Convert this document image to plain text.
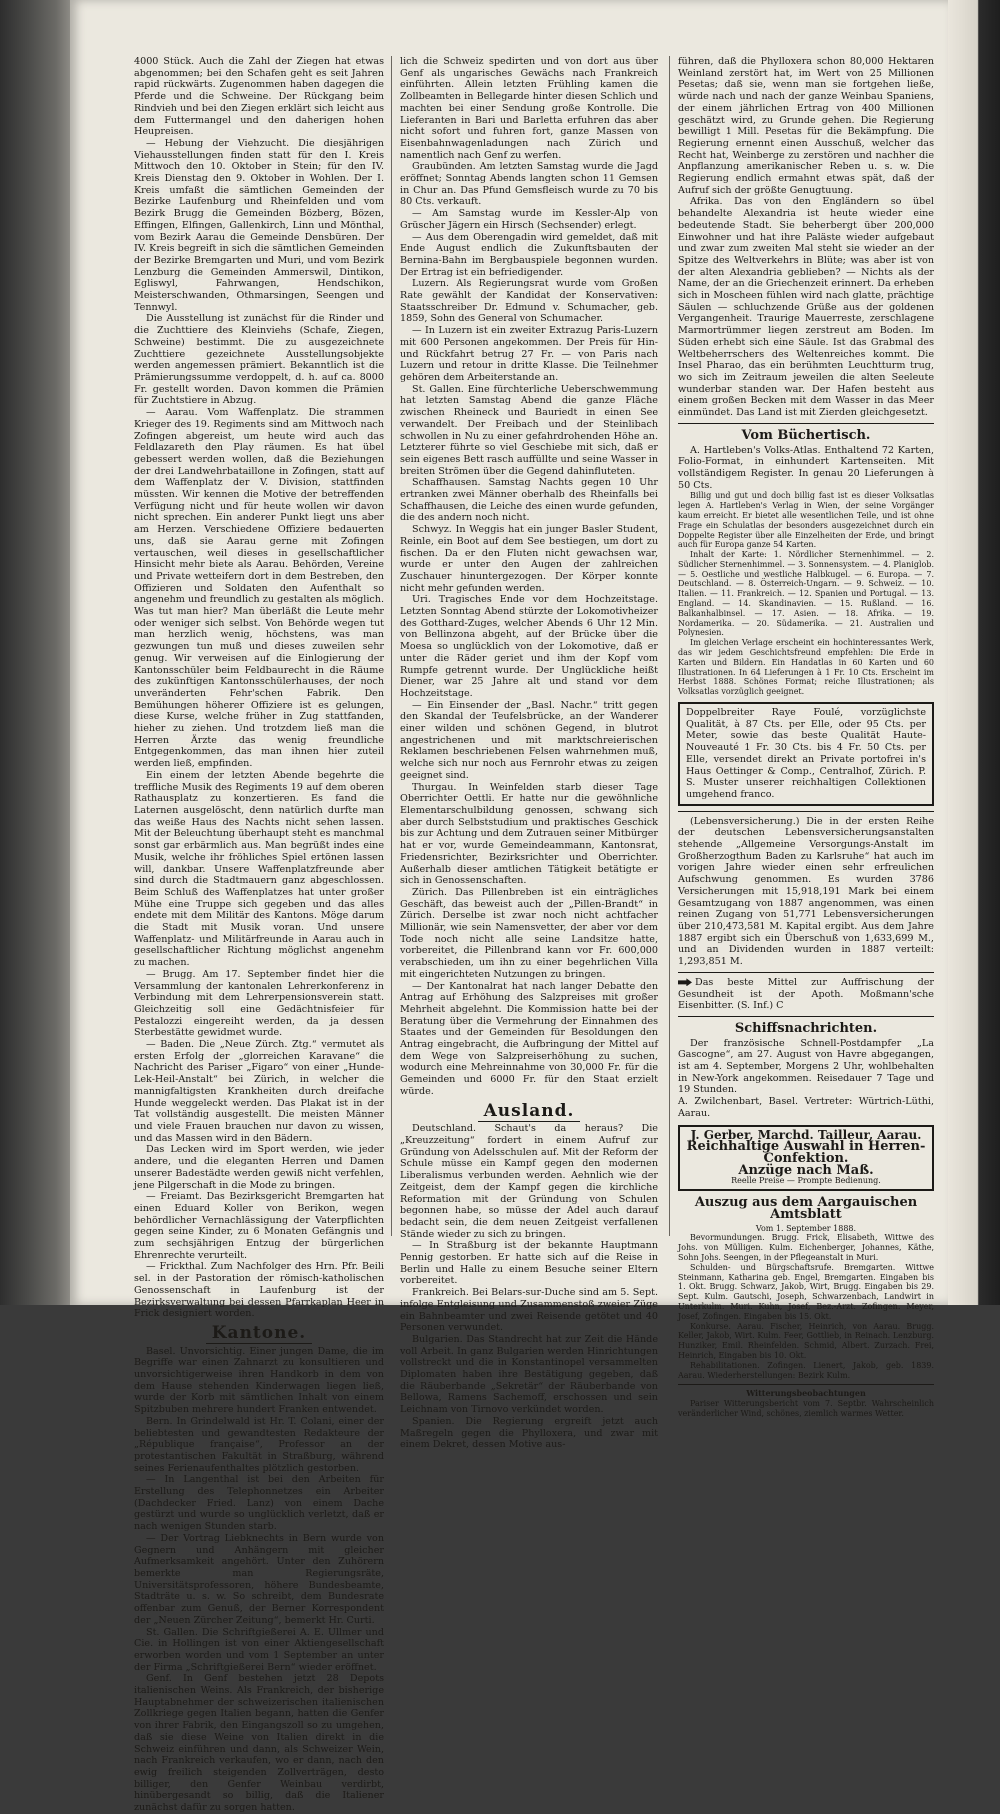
4000 Stück. Auch die Zahl der Ziegen hat etwas abgenommen; bei den Schafen geht es seit Jahren rapid rückwärts. Zugenommen haben dagegen die Pferde und die Schweine. Der Rückgang beim Rindvieh und bei den Ziegen erklärt sich leicht aus dem Futtermangel und den daherigen hohen Heupreisen.

— Hebung der Viehzucht. Die diesjährigen Viehausstellungen finden statt für den I. Kreis Mittwoch den 10. Oktober in Stein; für den IV. Kreis Dienstag den 9. Oktober in Wohlen. Der I. Kreis umfaßt die sämtlichen Gemeinden der Bezirke Laufenburg und Rheinfelden und vom Bezirk Brugg die Gemeinden Bözberg, Bözen, Effingen, Elfingen, Gallenkirch, Linn und Mönthal, vom Bezirk Aarau die Gemeinde Densbüren. Der IV. Kreis begreift in sich die sämtlichen Gemeinden der Bezirke Bremgarten und Muri, und vom Bezirk Lenzburg die Gemeinden Ammerswil, Dintikon, Egliswyl, Fahrwangen, Hendschikon, Meisterschwanden, Othmarsingen, Seengen und Tennwyl.

Die Ausstellung ist zunächst für die Rinder und die Zuchttiere des Kleinviehs (Schafe, Ziegen, Schweine) bestimmt. Die zu ausgezeichnete Zuchttiere gezeichnete Ausstellungsobjekte werden angemessen prämiert. Bekanntlich ist die Prämierungssumme verdoppelt, d. h. auf ca. 8000 Fr. gestellt worden. Davon kommen die Prämien für Zuchtstiere in Abzug.

— Aarau. Vom Waffenplatz. Die strammen Krieger des 19. Regiments sind am Mittwoch nach Zofingen abgereist, um heute wird auch das Feldlazareth den Play räumen. Es hat übel gebessert werden wollen, daß die Beziehungen der drei Landwehrbataillone in Zofingen, statt auf dem Waffenplatz der V. Division, stattfinden müssten. Wir kennen die Motive der betreffenden Verfügung nicht und für heute wollen wir davon nicht sprechen. Ein anderer Punkt liegt uns aber am Herzen. Verschiedene Offiziere bedauerten uns, daß sie Aarau gerne mit Zofingen vertauschen, weil dieses in gesellschaftlicher Hinsicht mehr biete als Aarau. Behörden, Vereine und Private wetteifern dort in dem Bestreben, den Offizieren und Soldaten den Aufenthalt so angenehm und freundlich zu gestalten als möglich. Was tut man hier? Man überläßt die Leute mehr oder weniger sich selbst. Von Behörde wegen tut man herzlich wenig, höchstens, was man gezwungen tun muß und dieses zuweilen sehr genug. Wir verweisen auf die Einlogierung der Kantonsschüler beim Feldbaurecht in die Räume des zukünftigen Kantonsschülerhauses, der noch unveränderten Fehr'schen Fabrik. Den Bemühungen höherer Offiziere ist es gelungen, diese Kurse, welche früher in Zug stattfanden, hieher zu ziehen. Und trotzdem ließ man die Herren Ärzte das wenig freundliche Entgegenkommen, das man ihnen hier zuteil werden ließ, empfinden.

Ein einem der letzten Abende begehrte die treffliche Musik des Regiments 19 auf dem oberen Rathausplatz zu konzertieren. Es fand die Laternen ausgelöscht, denn natürlich durfte man das weiße Haus des Nachts nicht sehen lassen. Mit der Beleuchtung überhaupt steht es manchmal sonst gar erbärmlich aus. Man begrüßt indes eine Musik, welche ihr fröhliches Spiel ertönen lassen will, dankbar. Unsere Waffenplatzfreunde aber sind durch die Stadtmauern ganz abgeschlossen. Beim Schluß des Waffenplatzes hat unter großer Mühe eine Truppe sich gegeben und das alles endete mit dem Militär des Kantons. Möge darum die Stadt mit Musik voran. Und unsere Waffenplatz- und Militärfreunde in Aarau auch in gesellschaftlicher Richtung möglichst angenehm zu machen.

— Brugg. Am 17. September findet hier die Versammlung der kantonalen Lehrerkonferenz in Verbindung mit dem Lehrerpensionsverein statt. Gleichzeitig soll eine Gedächtnisfeier für Pestalozzi eingereiht werden, da ja dessen Sterbestätte gewidmet wurde.

— Baden. Die „Neue Zürch. Ztg.“ vermutet als ersten Erfolg der „glorreichen Karavane“ die Nachricht des Pariser „Figaro“ von einer „Hunde-Lek-Heil-Anstalt“ bei Zürich, in welcher die mannigfaltigsten Krankheiten durch dreifache Hunde weggeleckt werden. Das Plakat ist in der Tat vollständig ausgestellt. Die meisten Männer und viele Frauen brauchen nur davon zu wissen, und das Massen wird in den Bädern.

Das Lecken wird im Sport werden, wie jeder andere, und die eleganten Herren und Damen unserer Badestädte werden gewiß nicht verfehlen, jene Pilgerschaft in die Mode zu bringen.

— Freiamt. Das Bezirksgericht Bremgarten hat einen Eduard Koller von Berikon, wegen behördlicher Vernachlässigung der Vaterpflichten gegen seine Kinder, zu 6 Monaten Gefängnis und zum sechsjährigen Entzug der bürgerlichen Ehrenrechte verurteilt.

— Frickthal. Zum Nachfolger des Hrn. Pfr. Beili sel. in der Pastoration der römisch-katholischen Genossenschaft in Laufenburg ist der Bezirksverwaltung bei dessen Pfarrkaplan Heer in Frick designiert worden.

Kantone.

Basel. Unvorsichtig. Einer jungen Dame, die im Begriffe war einen Zahnarzt zu konsultieren und unvorsichtigerweise ihren Handkorb in dem von dem Hause stehenden Kinderwagen liegen ließ, wurde der Korb mit sämtlichen Inhalt von einem Spitzbuben mehrere hundert Franken entwendet.

Bern. In Grindelwald ist Hr. T. Colani, einer der beliebtesten und gewandtesten Redakteure der „République française“, Professor an der protestantischen Fakultät in Straßburg, während seines Ferienaufenthaltes plötzlich gestorben.

— In Langenthal ist bei den Arbeiten für Erstellung des Telephonnetzes ein Arbeiter (Dachdecker Fried. Lanz) von einem Dache gestürzt und wurde so unglücklich verletzt, daß er nach wenigen Stunden starb.

— Der Vortrag Liebknechts in Bern wurde von Gegnern und Anhängern mit gleicher Aufmerksamkeit angehört. Unter den Zuhörern bemerkte man Regierungsräte, Universitätsprofessoren, höhere Bundesbeamte, Stadträte u. s. w. So schreibt, dem Bundesrate offenbar zum Genuß, der Berner Korrespondent der „Neuen Zürcher Zeitung“, bemerkt Hr. Curti.

St. Gallen. Die Schriftgießerei A. E. Ullmer und Cie. in Hollingen ist von einer Aktiengesellschaft erworben worden und vom 1 September an unter der Firma „Schriftgießerei Bern“ wieder eröffnet.

Genf. In Genf bestehen jetzt 28 Depots italienischen Weins. Als Frankreich, der bisherige Hauptabnehmer der schweizerischen italienischen Zollkriege gegen Italien begann, hatten die Genfer von ihrer Fabrik, den Eingangszoll so zu umgehen, daß sie diese Weine von Italien direkt in die Schweiz einführen und dann, als Schweizer Wein, nach Frankreich verkaufen, wo er dann, nach den ewig freilich steigenden Zollverträgen, desto billiger, den Genfer Weinbau verdirbt, hinübergesandt so billig, daß die Italiener zunächst dafür zu sorgen hatten.

lich die Schweiz spedirten und von dort aus über Genf als ungarisches Gewächs nach Frankreich einführten. Allein letzten Frühling kamen die Zollbeamten in Bellegarde hinter diesen Schlich und machten bei einer Sendung große Kontrolle. Die Lieferanten in Bari und Barletta erfuhren das aber nicht sofort und fuhren fort, ganze Massen von Eisenbahnwagenladungen nach Zürich und namentlich nach Genf zu werfen.

Graubünden. Am letzten Samstag wurde die Jagd eröffnet; Sonntag Abends langten schon 11 Gemsen in Chur an. Das Pfund Gemsfleisch wurde zu 70 bis 80 Cts. verkauft.

— Am Samstag wurde im Kessler-Alp von Grüscher Jägern ein Hirsch (Sechsender) erlegt.

— Aus dem Oberengadin wird gemeldet, daß mit Ende August endlich die Zukunftsbauten der Bernina-Bahn im Bergbauspiele begonnen wurden. Der Ertrag ist ein befriedigender.

Luzern. Als Regierungsrat wurde vom Großen Rate gewählt der Kandidat der Konservativen: Staatsschreiber Dr. Edmund v. Schumacher, geb. 1859, Sohn des General von Schumacher.

— In Luzern ist ein zweiter Extrazug Paris-Luzern mit 600 Personen angekommen. Der Preis für Hin- und Rückfahrt betrug 27 Fr. — von Paris nach Luzern und retour in dritte Klasse. Die Teilnehmer gehören dem Arbeiterstande an.

St. Gallen. Eine fürchterliche Ueberschwemmung hat letzten Samstag Abend die ganze Fläche zwischen Rheineck und Bauriedt in einen See verwandelt. Der Freibach und der Steinlibach schwollen in Nu zu einer gefahrdrohenden Höhe an. Letzterer führte so viel Geschiebe mit sich, daß er sein eigenes Bett rasch auffüllte und seine Wasser in breiten Strömen über die Gegend dahinfluteten.

Schaffhausen. Samstag Nachts gegen 10 Uhr ertranken zwei Männer oberhalb des Rheinfalls bei Schaffhausen, die Leiche des einen wurde gefunden, die des andern noch nicht.

Schwyz. In Weggis hat ein junger Basler Student, Reinle, ein Boot auf dem See bestiegen, um dort zu fischen. Da er den Fluten nicht gewachsen war, wurde er unter den Augen der zahlreichen Zuschauer hinuntergezogen. Der Körper konnte nicht mehr gefunden werden.

Uri. Tragisches Ende vor dem Hochzeitstage. Letzten Sonntag Abend stürzte der Lokomotivheizer des Gotthard-Zuges, welcher Abends 6 Uhr 12 Min. von Bellinzona abgeht, auf der Brücke über die Moesa so unglücklich von der Lokomotive, daß er unter die Räder geriet und ihm der Kopf vom Rumpfe getrennt wurde. Der Unglückliche heißt Diener, war 25 Jahre alt und stand vor dem Hochzeitstage.

— Ein Einsender der „Basl. Nachr.“ tritt gegen den Skandal der Teufelsbrücke, an der Wanderer einer wilden und schönen Gegend, in blutrot angestrichenen und mit marktschreierischen Reklamen beschriebenen Felsen wahrnehmen muß, welche sich nur noch aus Fernrohr etwas zu zeigen geeignet sind.

Thurgau. In Weinfelden starb dieser Tage Oberrichter Oettli. Er hatte nur die gewöhnliche Elementarschulbildung genossen, schwang sich aber durch Selbststudium und praktisches Geschick bis zur Achtung und dem Zutrauen seiner Mitbürger hat er vor, wurde Gemeindeammann, Kantonsrat, Friedensrichter, Bezirksrichter und Oberrichter. Außerhalb dieser amtlichen Tätigkeit betätigte er sich in Genossenschaften.

Zürich. Das Pillenbreben ist ein einträgliches Geschäft, das beweist auch der „Pillen-Brandt“ in Zürich. Derselbe ist zwar noch nicht achtfacher Millionär, wie sein Namensvetter, der aber vor dem Tode noch nicht alle seine Landsitze hatte, vorbereitet, die Pillenbrand kann vor Fr. 600,000 verabschieden, um ihn zu einer begehrlichen Villa mit eingerichteten Nutzungen zu bringen.

— Der Kantonalrat hat nach langer Debatte den Antrag auf Erhöhung des Salzpreises mit großer Mehrheit abgelehnt. Die Kommission hatte bei der Beratung über die Vermehrung der Einnahmen des Staates und der Gemeinden für Besoldungen den Antrag eingebracht, die Aufbringung der Mittel auf dem Wege von Salzpreiserhöhung zu suchen, wodurch eine Mehreinnahme von 30,000 Fr. für die Gemeinden und 6000 Fr. für den Staat erzielt würde.

Ausland.

Deutschland. Schaut's da heraus? Die „Kreuzzeitung“ fordert in einem Aufruf zur Gründung von Adelsschulen auf. Mit der Reform der Schule müsse ein Kampf gegen den modernen Liberalismus verbunden werden. Aehnlich wie der Zeitgeist, dem der Kampf gegen die kirchliche Reformation mit der Gründung von Schulen begonnen habe, so müsse der Adel auch darauf bedacht sein, die dem neuen Zeitgeist verfallenen Stände wieder zu sich zu bringen.

— In Straßburg ist der bekannte Hauptmann Pennig gestorben. Er hatte sich auf die Reise in Berlin und Halle zu einem Besuche seiner Eltern vorbereitet.

Frankreich. Bei Belars-sur-Duche sind am 5. Sept. infolge Entgleisung und Zusammenstoß zweier Züge ein Bahnbeamter und zwei Reisende getötet und 40 Personen verwundet.

Bulgarien. Das Standrecht hat zur Zeit die Hände voll Arbeit. In ganz Bulgarien werden Hinrichtungen vollstreckt und die in Konstantinopel versammelten Diplomaten haben ihre Bestätigung gegeben, daß die Räuberbande „Sekretär“ der Räuberbande von Bellowa, Ramens Sachemoff, erschossen und sein Leichnam von Tirnovo verkündet worden.

Spanien. Die Regierung ergreift jetzt auch Maßregeln gegen die Phylloxera, und zwar mit einem Dekret, dessen Motive aus-

führen, daß die Phylloxera schon 80,000 Hektaren Weinland zerstört hat, im Wert von 25 Millionen Pesetas; daß sie, wenn man sie fortgehen ließe, würde nach und nach der ganze Weinbau Spaniens, der einem jährlichen Ertrag von 400 Millionen geschätzt wird, zu Grunde gehen. Die Regierung bewilligt 1 Mill. Pesetas für die Bekämpfung. Die Regierung ernennt einen Ausschuß, welcher das Recht hat, Weinberge zu zerstören und nachher die Anpflanzung amerikanischer Reben u. s. w. Die Regierung endlich ermahnt etwas spät, daß der Aufruf sich der größte Genugtuung.

Afrika. Das von den Engländern so übel behandelte Alexandria ist heute wieder eine bedeutende Stadt. Sie beherbergt über 200,000 Einwohner und hat ihre Paläste wieder aufgebaut und zwar zum zweiten Mal steht sie wieder an der Spitze des Weltverkehrs in Blüte; was aber ist von der alten Alexandria geblieben? — Nichts als der Name, der an die Griechenzeit erinnert. Da erheben sich in Moscheen fühlen wird nach glatte, prächtige Säulen — schluchzende Grüße aus der goldenen Vergangenheit. Traurige Mauerreste, zerschlagene Marmortrümmer liegen zerstreut am Boden. Im Süden erhebt sich eine Säule. Ist das Grabmal des Weltbeherrschers des Weltenreiches kommt. Die Insel Pharao, das ein berühmten Leuchtturm trug, wo sich im Zeitraum jeweilen die alten Seeleute wunderbar standen war. Der Hafen besteht aus einem großen Becken mit dem Wasser in das Meer einmündet. Das Land ist mit Zierden gleichgesetzt.

Vom Büchertisch.

A. Hartleben's Volks-Atlas. Enthaltend 72 Karten, Folio-Format, in einhundert Kartenseiten. Mit vollständigem Register. In genau 20 Lieferungen à 50 Cts.

Billig und gut und doch billig fast ist es dieser Volksatlas legen A. Hartleben's Verlag in Wien, der seine Vorgänger kaum erreicht. Er bietet alle wesentlichen Teile, und ist ohne Frage ein Schulatlas der besonders ausgezeichnet durch ein Doppelte Register über alle Einzelheiten der Erde, und bringt auch für Europa ganze 54 Karten.

Inhalt der Karte: 1. Nördlicher Sternenhimmel. — 2. Südlicher Sternenhimmel. — 3. Sonnensystem. — 4. Planiglob. — 5. Oestliche und westliche Halbkugel. — 6. Europa. — 7. Deutschland. — 8. Österreich-Ungarn. — 9. Schweiz. — 10. Italien. — 11. Frankreich. — 12. Spanien und Portugal. — 13. England. — 14. Skandinavien. — 15. Rußland. — 16. Balkanhalbinsel. — 17. Asien. — 18. Afrika. — 19. Nordamerika. — 20. Südamerika. — 21. Australien und Polynesien.

Im gleichen Verlage erscheint ein hochinteressantes Werk, das wir jedem Geschichtsfreund empfehlen: Die Erde in Karten und Bildern. Ein Handatlas in 60 Karten und 60 Illustrationen. In 64 Lieferungen à 1 Fr. 10 Cts. Erscheint im Herbst 1888. Schönes Format; reiche Illustrationen; als Volksatlas vorzüglich geeignet.

Doppelbreiter Raye Foulé, vorzüglichste Qualität, à 87 Cts. per Elle, oder 95 Cts. per Meter, sowie das beste Qualität Haute-Nouveauté 1 Fr. 30 Cts. bis 4 Fr. 50 Cts. per Elle, versendet direkt an Private portofrei in's Haus Oettinger & Comp., Centralhof, Zürich. P. S. Muster unserer reichhaltigen Collektionen umgehend franco.

(Lebensversicherung.) Die in der ersten Reihe der deutschen Lebensversicherungsanstalten stehende „Allgemeine Versorgungs-Anstalt im Großherzogthum Baden zu Karlsruhe“ hat auch im vorigen Jahre wieder einen sehr erfreulichen Aufschwung genommen. Es wurden 3786 Versicherungen mit 15,918,191 Mark bei einem Gesamtzugang von 1887 angenommen, was einen reinen Zugang von 51,771 Lebensversicherungen über 210,473,581 M. Kapital ergibt. Aus dem Jahre 1887 ergibt sich ein Überschuß von 1,633,699 M., und an Dividenden wurden in 1887 verteilt: 1,293,851 M.

Das beste Mittel zur Auffrischung der Gesundheit ist der Apoth. Moßmann'sche Eisenbitter. (S. Inf.) C

Schiffsnachrichten.

Der französische Schnell-Postdampfer „La Gascogne“, am 27. August von Havre abgegangen, ist am 4. September, Morgens 2 Uhr, wohlbehalten in New-York angekommen. Reisedauer 7 Tage und 19 Stunden.

A. Zwilchenbart, Basel. Vertreter: Würtrich-Lüthi, Aarau.

J. Gerber, Marchd. Tailleur, Aarau.
Reichhaltige Auswahl in Herren-Confektion.
Anzüge nach Maß.
Reelle Preise — Prompte Bedienung.
Auszug aus dem Aargauischen Amtsblatt
Vom 1. September 1888.

Bevormundungen. Brugg. Frick, Elisabeth, Wittwe des Johs. von Mülligen. Kulm. Eichenberger, Johannes, Käthe, Sohn Johs. Seengen, in der Pflegeanstalt in Muri.

Schulden- und Bürgschaftsrufe. Bremgarten. Wittwe Steinmann, Katharina geb. Engel, Bremgarten. Eingaben bis 1. Okt. Brugg. Schwarz, Jakob, Wirt, Brugg. Eingaben bis 29. Sept. Kulm. Gautschi, Joseph, Schwarzenbach, Landwirt in Unterkulm. Muri. Kuhn, Josef, Bez.-Arzt. Zofingen. Meyer, Josef, Zofingen. Eingaben bis 15. Okt.

Konkurse. Aarau. Fischer, Heinrich, von Aarau. Brugg. Keller, Jakob, Wirt. Kulm. Feer, Gottlieb, in Reinach. Lenzburg. Hunziker, Emil. Rheinfelden. Schmid, Albert. Zurzach. Frei, Heinrich, Eingaben bis 10. Okt.

Rehabilitationen. Zofingen. Lienert, Jakob, geb. 1839. Aarau. Wiederherstellungen: Bezirk Kulm.

Witterungsbeobachtungen

Pariser Witterungsbericht vom 7. Septbr. Wahrscheinlich veränderlicher Wind, schönes, ziemlich warmes Wetter.
